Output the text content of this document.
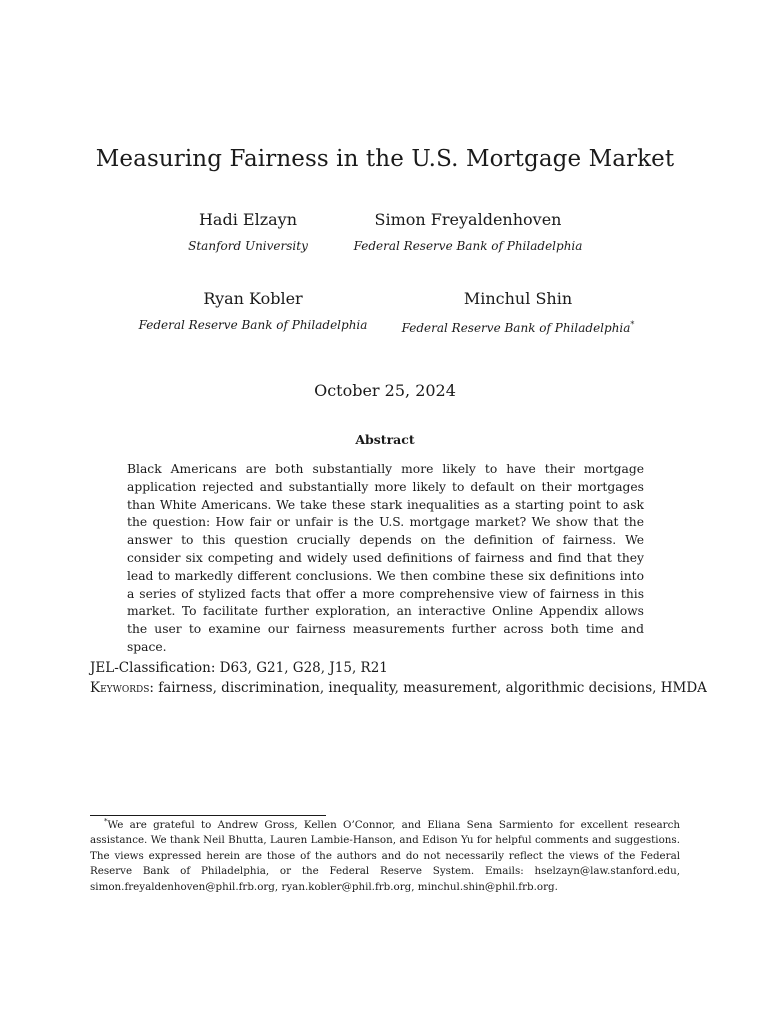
Measuring Fairness in the U.S. Mortgage Market
Hadi Elzayn
Stanford University
Simon Freyaldenhoven
Federal Reserve Bank of Philadelphia
Ryan Kobler
Federal Reserve Bank of Philadelphia
Minchul Shin
Federal Reserve Bank of Philadelphia*
October 25, 2024
Abstract

Black Americans are both substantially more likely to have their mortgage application rejected and substantially more likely to default on their mortgages than White Americans. We take these stark inequalities as a starting point to ask the question: How fair or unfair is the U.S. mortgage market? We show that the answer to this question crucially depends on the definition of fairness. We consider six competing and widely used definitions of fairness and find that they lead to markedly different conclusions. We then combine these six definitions into a series of stylized facts that offer a more comprehensive view of fairness in this market. To facilitate further exploration, an interactive Online Appendix allows the user to examine our fairness measurements further across both time and space.

JEL-Classification: D63, G21, G28, J15, R21
Keywords: fairness, discrimination, inequality, measurement, algorithmic decisions, HMDA

*We are grateful to Andrew Gross, Kellen O’Connor, and Eliana Sena Sarmiento for excellent research assistance. We thank Neil Bhutta, Lauren Lambie-Hanson, and Edison Yu for helpful comments and suggestions. The views expressed herein are those of the authors and do not necessarily reflect the views of the Federal Reserve Bank of Philadelphia, or the Federal Reserve System. Emails: hselzayn@law.stanford.edu, simon.freyaldenhoven@phil.frb.org, ryan.kobler@phil.frb.org, minchul.shin@phil.frb.org.
